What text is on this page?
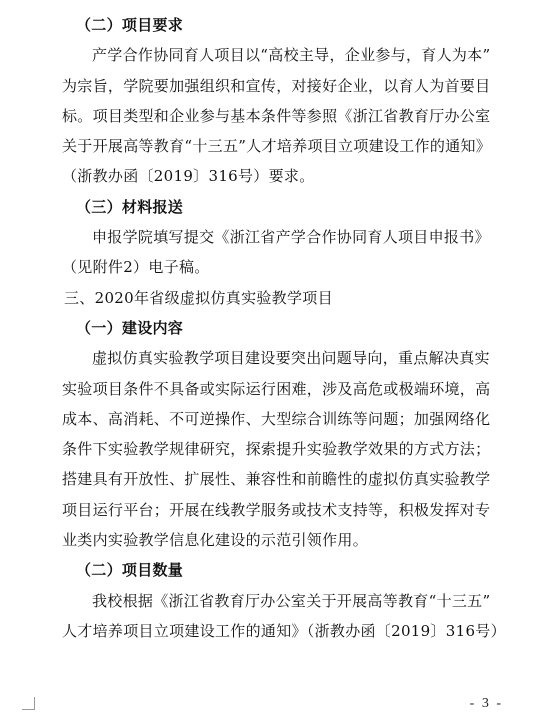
（二）项目要求
产学合作协同育人项目以“高校主导，企业参与，育人为本”
为宗旨，学院要加强组织和宣传，对接好企业，以育人为首要目
标。项目类型和企业参与基本条件等参照《浙江省教育厅办公室
关于开展高等教育“十三五”人才培养项目立项建设工作的通知》
（浙教办函〔2019〕316号）要求。
（三）材料报送
申报学院填写提交《浙江省产学合作协同育人项目申报书》
（见附件2）电子稿。
三、2020年省级虚拟仿真实验教学项目
（一）建设内容
虚拟仿真实验教学项目建设要突出问题导向，重点解决真实
实验项目条件不具备或实际运行困难，涉及高危或极端环境，高
成本、高消耗、不可逆操作、大型综合训练等问题；加强网络化
条件下实验教学规律研究，探索提升实验教学效果的方式方法；
搭建具有开放性、扩展性、兼容性和前瞻性的虚拟仿真实验教学
项目运行平台；开展在线教学服务或技术支持等，积极发挥对专
业类内实验教学信息化建设的示范引领作用。
（二）项目数量
我校根据《浙江省教育厅办公室关于开展高等教育“十三五”
人才培养项目立项建设工作的通知》（浙教办函〔2019〕316号）
- 3 -
